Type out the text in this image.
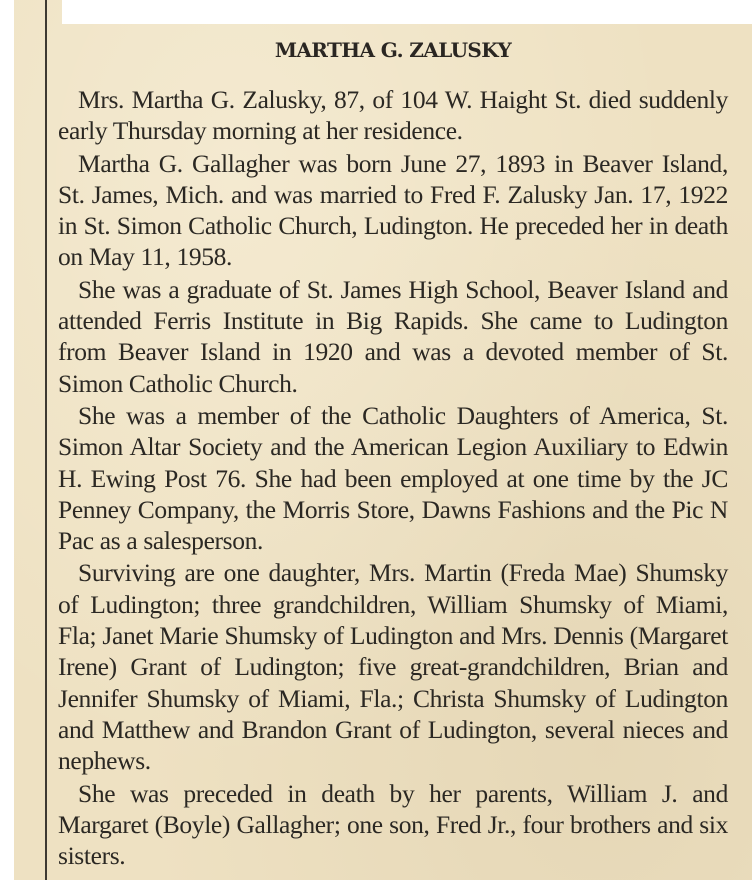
MARTHA G. ZALUSKY

Mrs. Martha G. Zalusky, 87, of 104 W. Haight St. died suddenly early Thursday morning at her residence.

Martha G. Gallagher was born June 27, 1893 in Beaver Island, St. James, Mich. and was married to Fred F. Zalusky Jan. 17, 1922 in St. Simon Catholic Church, Ludington. He preceded her in death on May 11, 1958.

She was a graduate of St. James High School, Beaver Island and attended Ferris Institute in Big Rapids. She came to Ludington from Beaver Island in 1920 and was a devoted member of St. Simon Catholic Church.

She was a member of the Catholic Daughters of America, St. Simon Altar Society and the American Legion Auxiliary to Edwin H. Ewing Post 76. She had been employed at one time by the JC Penney Company, the Morris Store, Dawns Fashions and the Pic N Pac as a salesperson.

Surviving are one daughter, Mrs. Martin (Freda Mae) Shumsky of Ludington; three grandchildren, William Shumsky of Miami, Fla; Janet Marie Shumsky of Ludington and Mrs. Dennis (Margaret Irene) Grant of Ludington; five great-grandchildren, Brian and Jennifer Shumsky of Miami, Fla.; Christa Shumsky of Ludington and Matthew and Brandon Grant of Ludington, several nieces and nephews.

She was preceded in death by her parents, William J. and Margaret (Boyle) Gallagher; one son, Fred Jr., four brothers and six sisters.
